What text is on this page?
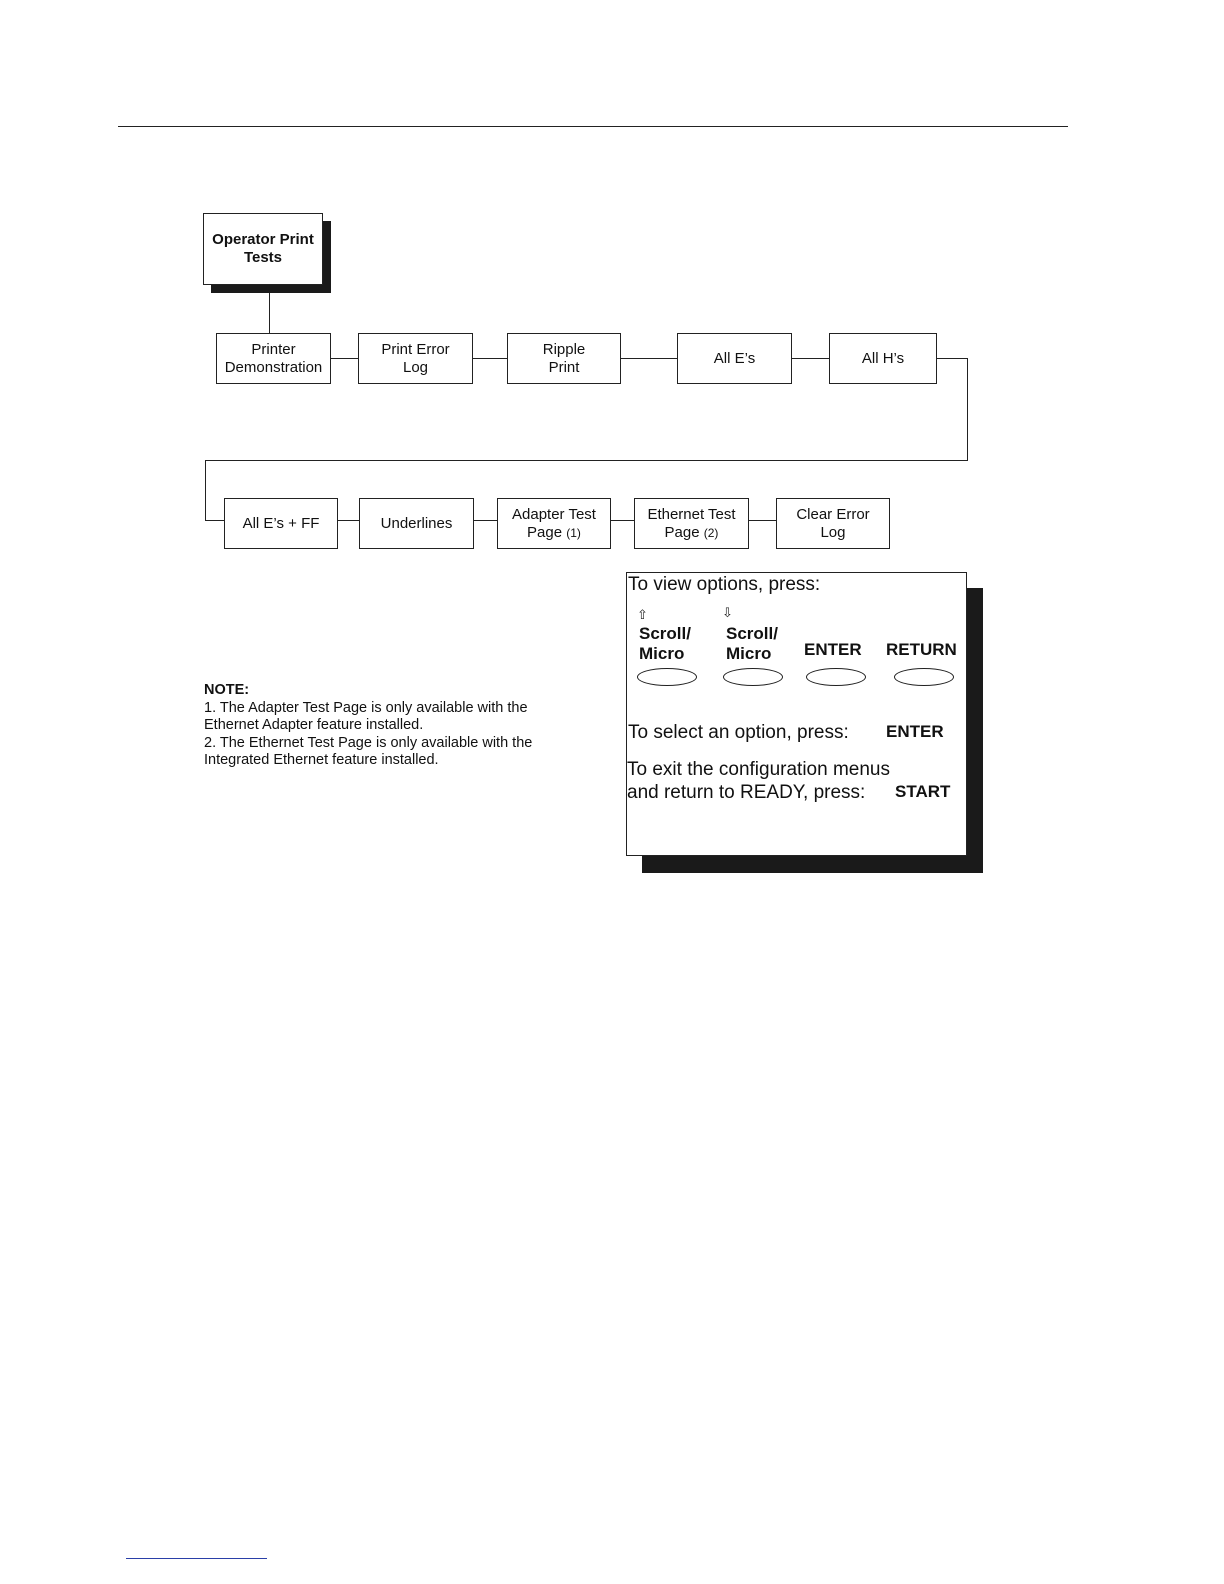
Operator Print
Tests
Printer
Demonstration
Print Error
Log
Ripple
Print
All E’s	All H’s
All E’s + FF	Underlines
Adapter Test
Page (1)
Ethernet Test
Page (2)
Clear Error
Log
NOTE:
1. The Adapter Test Page is only available with the
Ethernet Adapter feature installed.
2. The Ethernet Test Page is only available with the
Integrated Ethernet feature installed.
To view options, press:
⇧	⇩
Scroll/
Micro
Scroll/
Micro	ENTER RETURN
To select an option, press: ENTER
To exit the configuration menus
and return to READY, press: START
